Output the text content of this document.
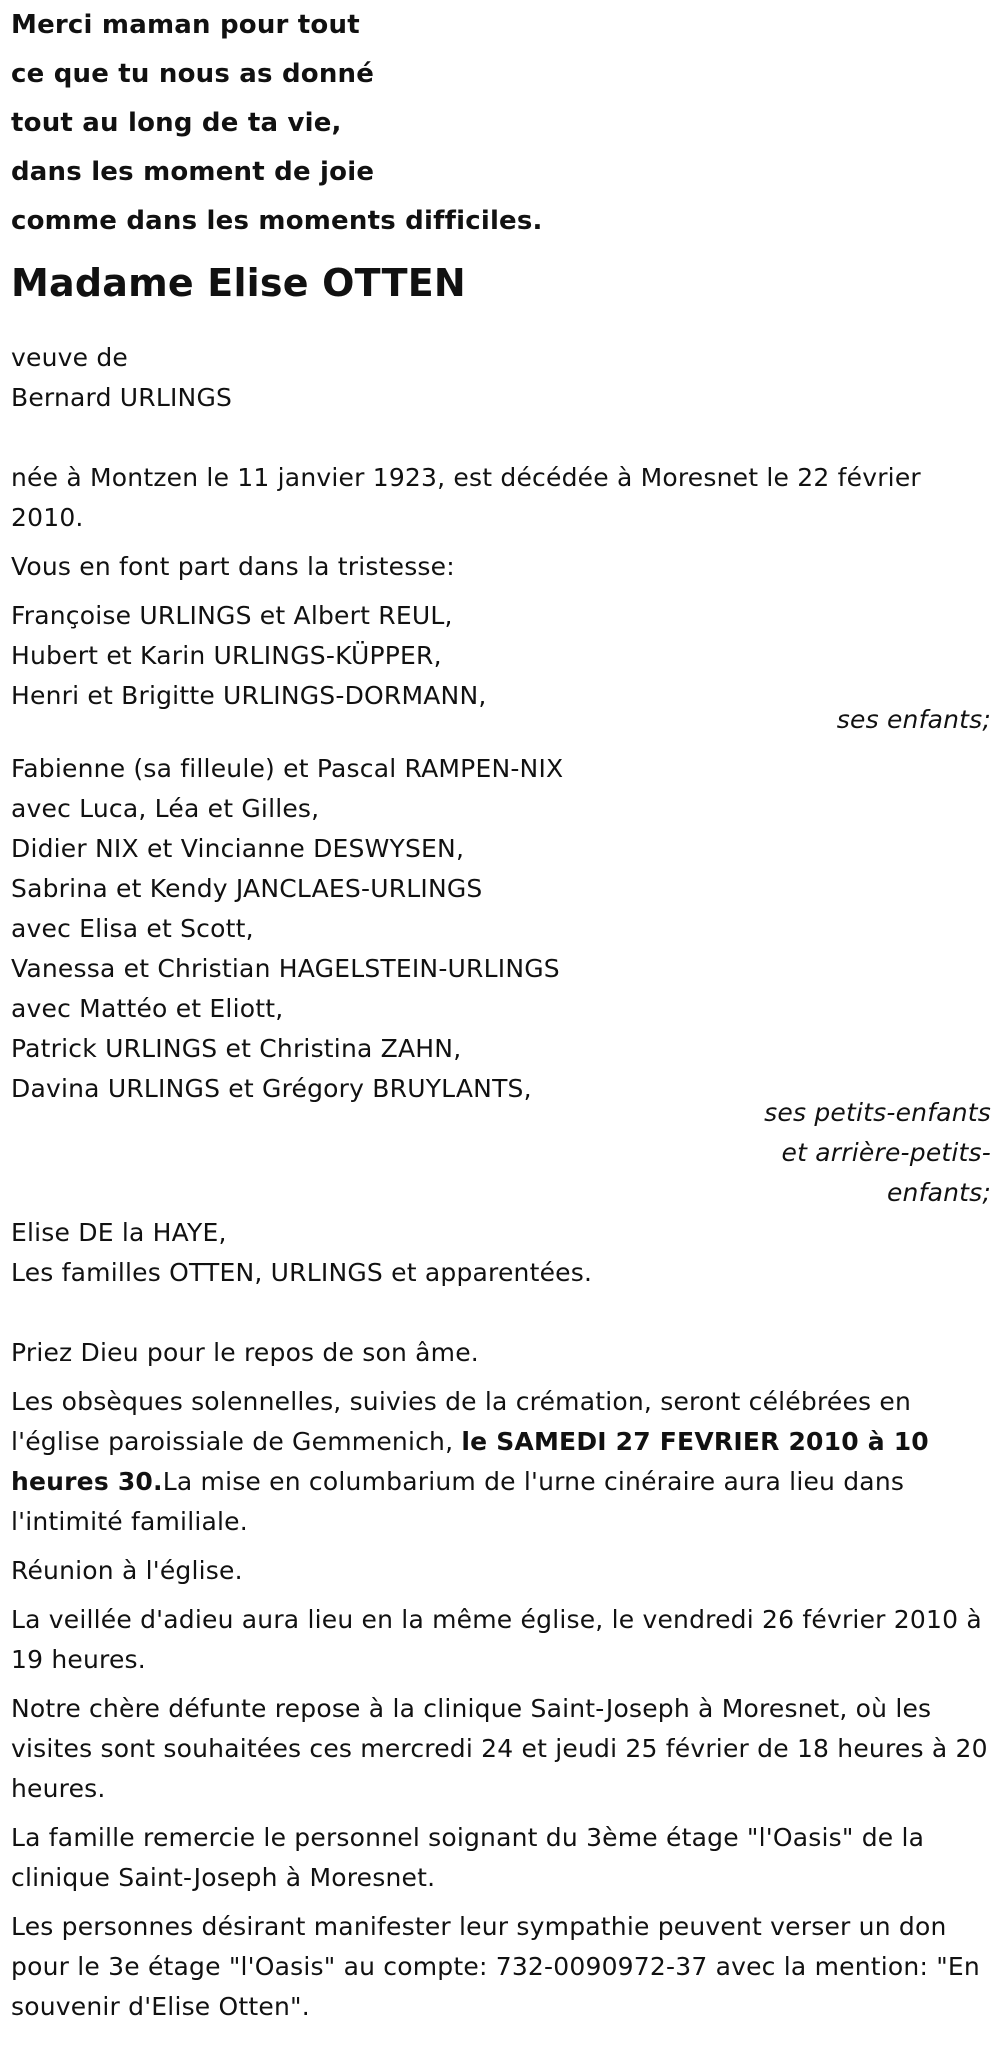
Merci maman pour tout
ce que tu nous as donné
tout au long de ta vie,
dans les moment de joie
comme dans les moments difficiles.
Madame Elise OTTEN
veuve de
Bernard URLINGS
née à Montzen le 11 janvier 1923, est décédée à Moresnet le 22 février 2010.
Vous en font part dans la tristesse:
Françoise URLINGS et Albert REUL,
Hubert et Karin URLINGS-KÜPPER,
Henri et Brigitte URLINGS-DORMANN,
ses enfants;
Fabienne (sa filleule) et Pascal RAMPEN-NIX
avec Luca, Léa et Gilles,
Didier NIX et Vincianne DESWYSEN,
Sabrina et Kendy JANCLAES-URLINGS
avec Elisa et Scott,
Vanessa et Christian HAGELSTEIN-URLINGS
avec Mattéo et Eliott,
Patrick URLINGS et Christina ZAHN,
Davina URLINGS et Grégory BRUYLANTS,
ses petits-enfants
et arrière-petits-
enfants;
Elise DE la HAYE,
Les familles OTTEN, URLINGS et apparentées.
Priez Dieu pour le repos de son âme.
Les obsèques solennelles, suivies de la crémation, seront célébrées en l'église paroissiale de Gemmenich, le SAMEDI 27 FEVRIER 2010 à 10 heures 30.La mise en columbarium de l'urne cinéraire aura lieu dans l'intimité familiale.
Réunion à l'église.
La veillée d'adieu aura lieu en la même église, le vendredi 26 février 2010 à 19 heures.
Notre chère défunte repose à la clinique Saint-Joseph à Moresnet, où les visites sont souhaitées ces mercredi 24 et jeudi 25 février de 18 heures à 20 heures.
La famille remercie le personnel soignant du 3ème étage "l'Oasis" de la clinique Saint-Joseph à Moresnet.
Les personnes désirant manifester leur sympathie peuvent verser un don pour le 3e étage "l'Oasis" au compte: 732-0090972-37 avec la mention: "En souvenir d'Elise Otten".
